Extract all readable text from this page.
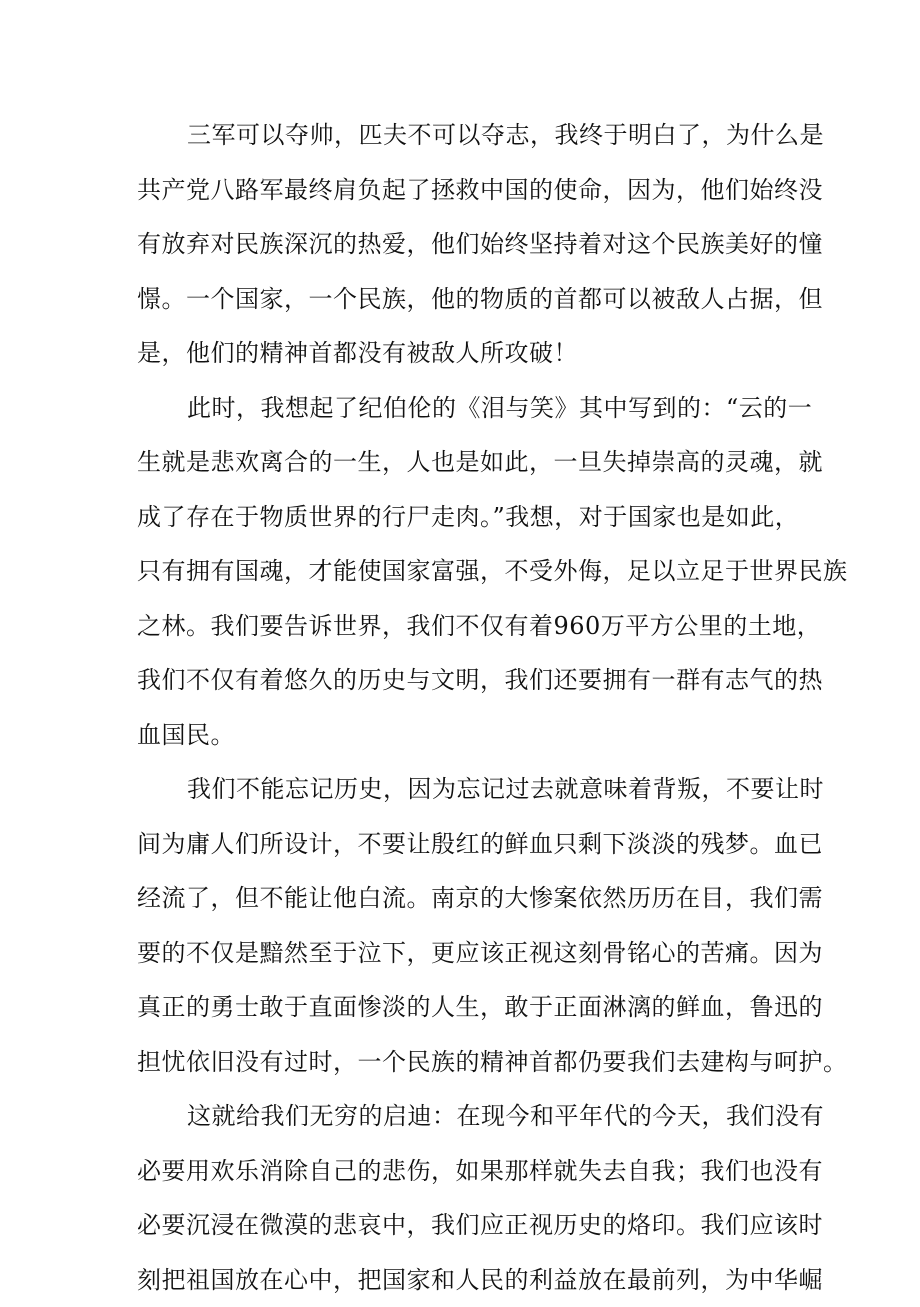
三军可以夺帅，匹夫不可以夺志，我终于明白了，为什么是
共产党八路军最终肩负起了拯救中国的使命，因为，他们始终没
有放弃对民族深沉的热爱，他们始终坚持着对这个民族美好的憧
憬。一个国家，一个民族，他的物质的首都可以被敌人占据，但
是，他们的精神首都没有被敌人所攻破！
此时，我想起了纪伯伦的《泪与笑》其中写到的：“云的一
生就是悲欢离合的一生，人也是如此，一旦失掉崇高的灵魂，就
成了存在于物质世界的行尸走肉。”我想，对于国家也是如此，
只有拥有国魂，才能使国家富强，不受外侮，足以立足于世界民族
之林。我们要告诉世界，我们不仅有着960万平方公里的土地，
我们不仅有着悠久的历史与文明，我们还要拥有一群有志气的热
血国民。
我们不能忘记历史，因为忘记过去就意味着背叛，不要让时
间为庸人们所设计，不要让殷红的鲜血只剩下淡淡的残梦。血已
经流了，但不能让他白流。南京的大惨案依然历历在目，我们需
要的不仅是黯然至于泣下，更应该正视这刻骨铭心的苦痛。因为
真正的勇士敢于直面惨淡的人生，敢于正面淋漓的鲜血，鲁迅的
担忧依旧没有过时，一个民族的精神首都仍要我们去建构与呵护。
这就给我们无穷的启迪：在现今和平年代的今天，我们没有
必要用欢乐消除自己的悲伤，如果那样就失去自我；我们也没有
必要沉浸在微漠的悲哀中，我们应正视历史的烙印。我们应该时
刻把祖国放在心中，把国家和人民的利益放在最前列，为中华崛
